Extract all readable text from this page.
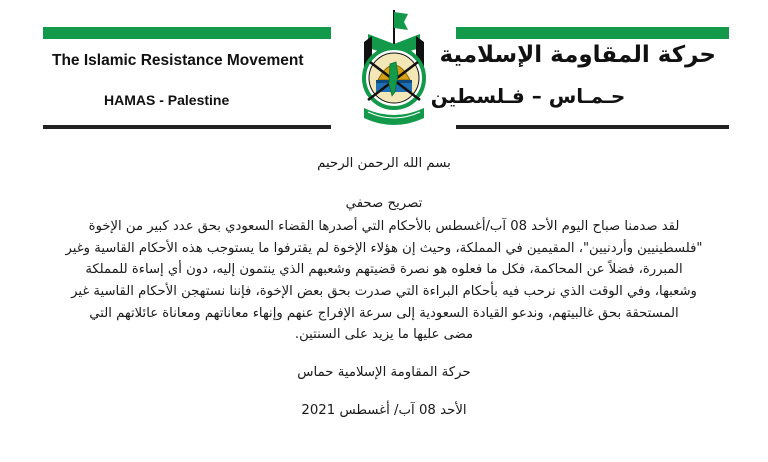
The Islamic Resistance Movement
HAMAS - Palestine
حركة المقاومة الإسلامية
حـمـاس – فـلسطين
بسم الله الرحمن الرحيم
تصريح صحفي
لقد صدمنا صباح اليوم الأحد 08 آب/أغسطس بالأحكام التي أصدرها القضاء السعودي بحق عدد كبير من الإخوة
"فلسطينيين وأردنيين"، المقيمين في المملكة، وحيث إن هؤلاء الإخوة لم يقترفوا ما يستوجب هذه الأحكام القاسية وغير
المبررة، فضلاً عن المحاكمة، فكل ما فعلوه هو نصرة قضيتهم وشعبهم الذي ينتمون إليه، دون أي إساءة للمملكة
وشعبها، وفي الوقت الذي نرحب فيه بأحكام البراءة التي صدرت بحق بعض الإخوة، فإننا نستهجن الأحكام القاسية غير
المستحقة بحق غالبيتهم، وندعو القيادة السعودية إلى سرعة الإفراج عنهم وإنهاء معاناتهم ومعاناة عائلاتهم التي
مضى عليها ما يزيد على السنتين.
حركة المقاومة الإسلامية حماس
الأحد 08 آب/ أغسطس 2021
